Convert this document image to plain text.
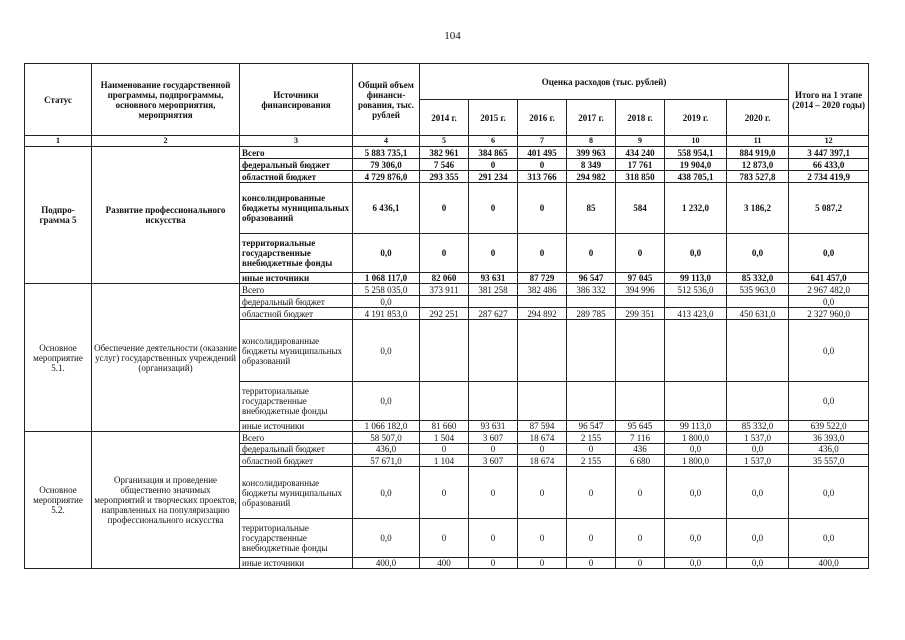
104
Статус	Наименование государственной программы, подпрограммы, основного мероприятия, мероприятия	Источники финансирования	Общий объем финанси-рования, тыс. рублей	Оценка расходов (тыс. рублей)							Итого на 1 этапе (2014 – 2020 годы)
				2014 г.	2015 г.	2016 г.	2017 г.	2018 г.	2019 г.	2020 г.	
1	2	3	4	5	6	7	8	9	10	11	12
Подпро-грамма 5	Развитие профессионального искусства	Всего	5 883 735,1	382 961	384 865	401 495	399 963	434 240	558 954,1	884 919,0	3 447 397,1
		федеральный бюджет	79 306,0	7 546	0	0	8 349	17 761	19 904,0	12 873,0	66 433,0
		областной бюджет	4 729 876,0	293 355	291 234	313 766	294 982	318 850	438 705,1	783 527,8	2 734 419,9
		консолидированные бюджеты муниципальных образований	6 436,1	0	0	0	85	584	1 232,0	3 186,2	5 087,2
		территориальные государственные внебюджетные фонды	0,0	0	0	0	0	0	0,0	0,0	0,0
		иные источники	1 068 117,0	82 060	93 631	87 729	96 547	97 045	99 113,0	85 332,0	641 457,0
Основное мероприятие 5.1.	Обеспечение деятельности (оказание услуг) государственных учреждений (организаций)	Всего	5 258 035,0	373 911	381 258	382 486	386 332	394 996	512 536,0	535 963,0	2 967 482,0
		федеральный бюджет	0,0								0,0
		областной бюджет	4 191 853,0	292 251	287 627	294 892	289 785	299 351	413 423,0	450 631,0	2 327 960,0
		консолидированные бюджеты муниципальных образований	0,0								0,0
		территориальные государственные внебюджетные фонды	0,0								0,0
		иные источники	1 066 182,0	81 660	93 631	87 594	96 547	95 645	99 113,0	85 332,0	639 522,0
Основное мероприятие 5.2.	Организация и проведение общественно значимых мероприятий и творческих проектов, направленных на популяризацию профессионального искусства	Всего	58 507,0	1 504	3 607	18 674	2 155	7 116	1 800,0	1 537,0	36 393,0
		федеральный бюджет	436,0	0	0	0	0	436	0,0	0,0	436,0
		областной бюджет	57 671,0	1 104	3 607	18 674	2 155	6 680	1 800,0	1 537,0	35 557,0
		консолидированные бюджеты муниципальных образований	0,0	0	0	0	0	0	0,0	0,0	0,0
		территориальные государственные внебюджетные фонды	0,0	0	0	0	0	0	0,0	0,0	0,0
		иные источники	400,0	400	0	0	0	0	0,0	0,0	400,0
